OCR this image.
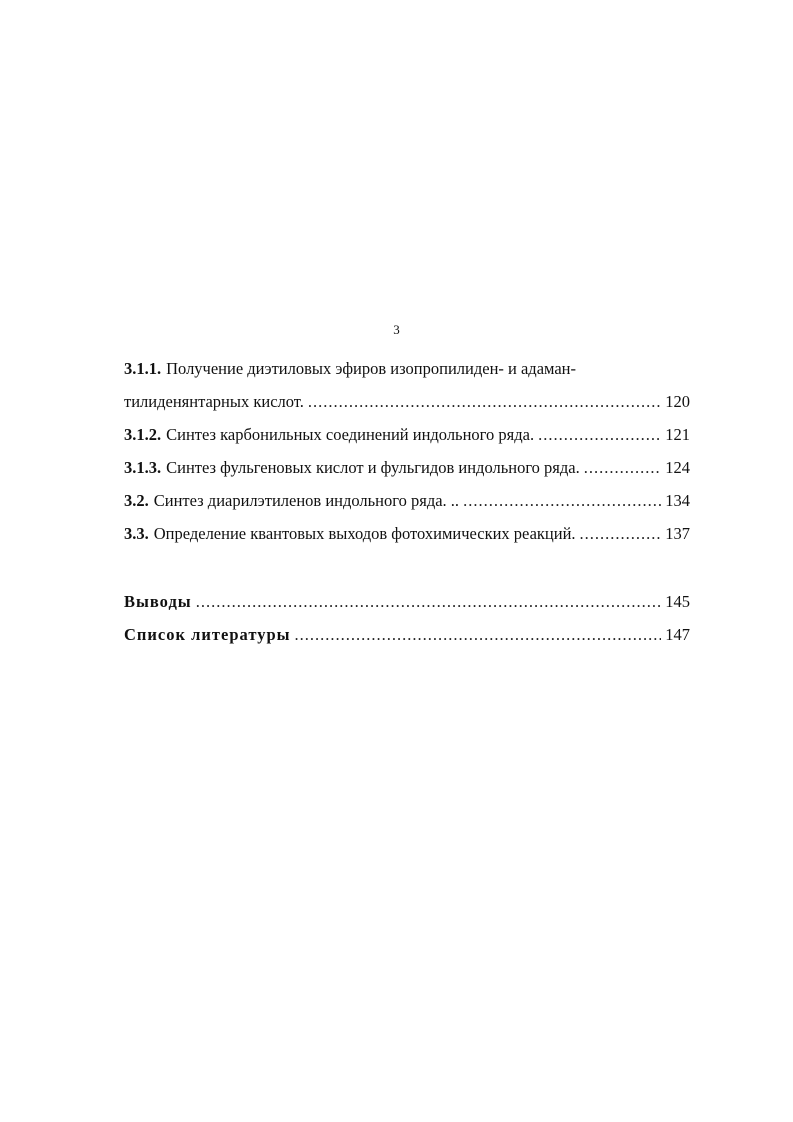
3
3.1.1. Получение диэтиловых эфиров изопропилиден- и адаман-
тилиденянтарных кислот. .....	120
3.1.2. Синтез карбонильных соединений индольного ряда. .....	121
3.1.3. Синтез фульгеновых кислот и фульгидов индольного ряда. .....	124
3.2. Синтез диарилэтиленов индольного ряда. .. .....	134
3.3. Определение квантовых выходов фотохимических реакций. .....	137
Выводы .....	145
Список литературы .....	147
